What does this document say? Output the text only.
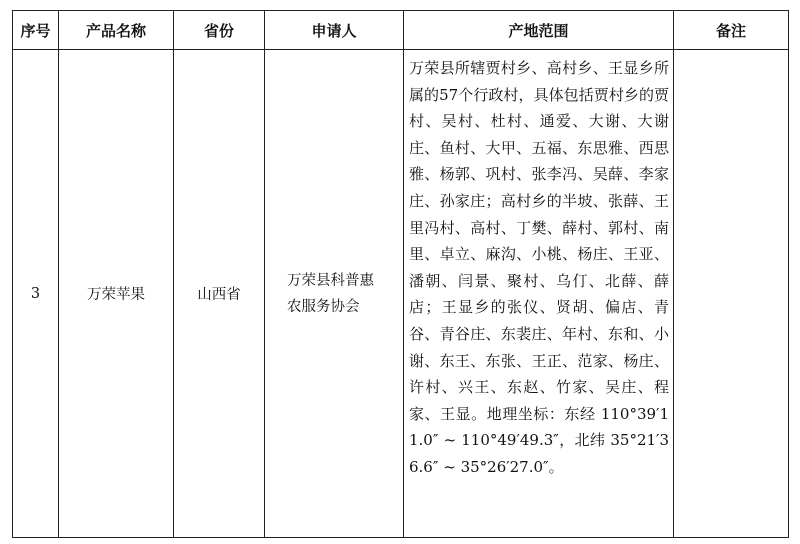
序号	产品名称	省份	申请人	产地范围	备注
3	万荣苹果	山西省	万荣县科普惠农服务协会	万荣县所辖贾村乡、高村乡、王显乡所属的57个行政村，具体包括贾村乡的贾村、吴村、杜村、通爱、大谢、大谢庄、鱼村、大甲、五福、东思雅、西思雅、杨郭、巩村、张李冯、吴薛、李家庄、孙家庄；高村乡的半坡、张薛、王里冯村、高村、丁樊、薛村、郭村、南里、卓立、麻沟、小桃、杨庄、王亚、潘朝、闫景、聚村、乌仃、北薛、薛店；王显乡的张仪、贤胡、偏店、青谷、青谷庄、东裴庄、年村、东和、小谢、东王、东张、王正、范家、杨庄、许村、兴王、东赵、竹家、吴庄、程家、王显。地理坐标：东经 110°39′11.0″ ~ 110°49′49.3″，北纬 35°21′36.6″ ~ 35°26′27.0″。	
